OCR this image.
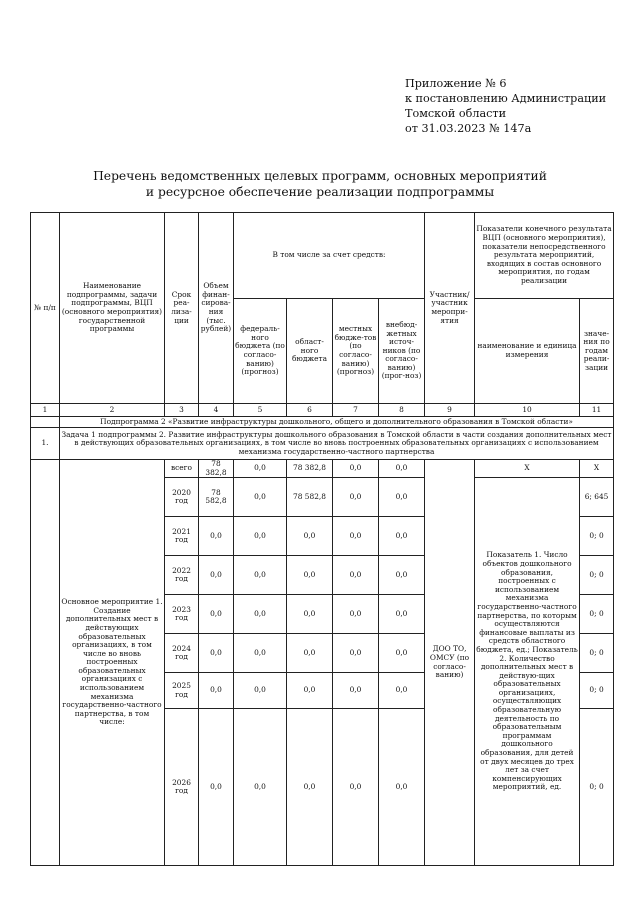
Приложение № 6
к постановлению Администрации
Томской области
от 31.03.2023 № 147а
Перечень ведомственных целевых программ, основных мероприятий
и ресурсное обеспечение реализации подпрограммы
№ п/п	Наименование подпрограммы, задачи подпрограммы, ВЦП (основного мероприятия) государственной программы	Срок реа-лиза-ции	Объем финан-сирова-ния (тыс. рублей)	В том числе за счет средств:				Участник/ участник меропри-ятия	Показатели конечного результата ВЦП (основного мероприятия), показатели непосредственного результата мероприятий, входящих в состав основного мероприятия, по годам реализации	
				федераль-ного бюджета (по согласо-ванию) (прогноз)	област-ного бюджета	местных бюдже-тов (по согласо-ванию) (прогноз)	внебюд-жетных источ-ников (по согласо-ванию) (прог-ноз)		наименование и единица измерения	значе-ния по годам реали-зации
1	2	3	4	5	6	7	8	9	10	11
	Подпрограмма 2 «Развитие инфраструктуры дошкольного, общего и дополнительного образования в Томской области»									
1.	Задача 1 подпрограммы 2. Развитие инфраструктуры дошкольного образования в Томской области в части создания дополнительных мест в действующих образовательных организациях, в том числе во вновь построенных образовательных организациях с использованием механизма государственно-частного партнерства									
	Основное мероприятие 1. Создание дополнительных мест в действующих образовательных организациях, в том числе во вновь построенных образовательных организациях с использованием механизма государственно-частного партнерства, в том числе:	всего	78 382,8	0,0	78 382,8	0,0	0,0	ДОО ТО, ОМСУ (по согласо-ванию)	X	X
		2020 год	78 582,8	0,0	78 582,8	0,0	0,0		Показатель 1. Число объектов дошкольного образования, построенных с использованием механизма государственно-частного партнерства, по которым осуществляются финансовые выплаты из средств областного бюджета, ед.; Показатель 2. Количество дополнительных мест в действую-щих образовательных организациях, осуществляющих образовательную деятельность по образовательным программам дошкольного образования, для детей от двух месяцев до трех лет за счет компенсирующих мероприятий, ед.	6; 645
		2021 год	0,0	0,0	0,0	0,0	0,0			0; 0
		2022 год	0,0	0,0	0,0	0,0	0,0			0; 0
		2023 год	0,0	0,0	0,0	0,0	0,0			0; 0
		2024 год	0,0	0,0	0,0	0,0	0,0			0; 0
		2025 год	0,0	0,0	0,0	0,0	0,0			0; 0
		2026 год	0,0	0,0	0,0	0,0	0,0			0; 0
